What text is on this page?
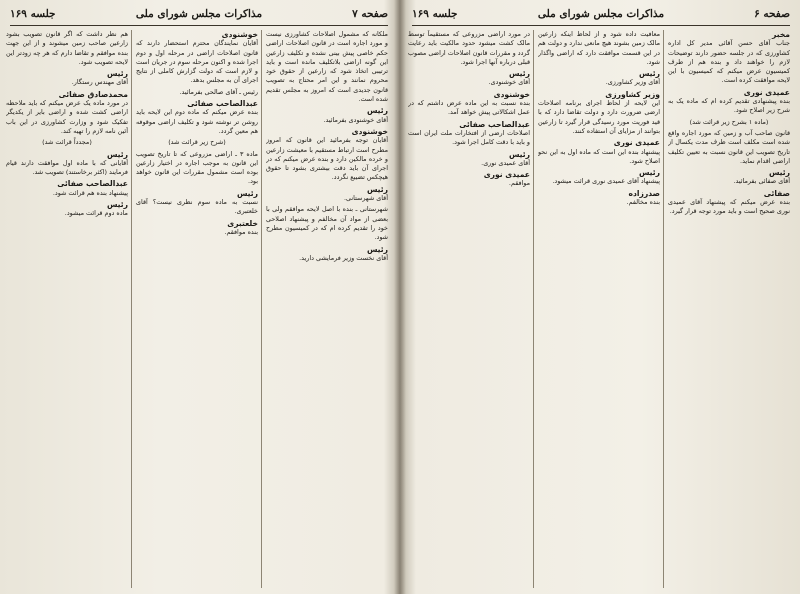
صفحه ۷
مذاکرات مجلس شورای ملی
جلسه ۱۶۹

ملکانه که مشمول اصلاحات کشاورزی نیست و مورد اجاره است در قانون اصلاحات اراضی حکم خاصی پیش بینی نشده و تکلیف زارعین این گونه اراضی بلاتکلیف مانده است و باید ترتیبی اتخاذ شود که زارعین از حقوق خود محروم نمانند و این امر محتاج به تصویب قانون جدیدی است که امروز به مجلس تقدیم شده است.

رئیس

آقای خوشنودی بفرمائید.

خوشنودی

آقایان توجه بفرمائید این قانون که امروز مطرح است ارتباط مستقیم با معیشت زارعین و خرده مالکین دارد و بنده عرض میکنم که در اجرای آن باید دقت بیشتری بشود تا حقوق هیچکس تضییع نگردد.

رئیس

آقای شهرستانی.

شهرستانی ـ بنده با اصل لایحه موافقم ولی با بعضی از مواد آن مخالفم و پیشنهاد اصلاحی خود را تقدیم کرده ام که در کمیسیون مطرح شود.

رئیس

آقای نخست وزیر فرمایشی دارید.

خوشنودی

آقایان نمایندگان محترم استحضار دارند که قانون اصلاحات اراضی در مرحله اول و دوم اجرا شده و اکنون مرحله سوم در جریان است و لازم است که دولت گزارش کاملی از نتایج اجرای آن به مجلس بدهد.

رئیس ـ آقای صالحی بفرمائید.

عبدالصاحب صفائی

بنده عرض میکنم که ماده دوم این لایحه باید روشن تر نوشته شود و تکلیف اراضی موقوفه هم معین گردد.

(شرح زیر قرائت شد)

ماده ۳ ـ اراضی مزروعی که تا تاریخ تصویب این قانون به موجب اجاره در اختیار زارعین بوده است مشمول مقررات این قانون خواهد بود.

رئیس

نسبت به ماده سوم نظری نیست؟ آقای خلعتبری.

خلعتبری

بنده موافقم.

هم نظر داشت که اگر قانون تصویب بشود زارعین صاحب زمین میشوند و از این جهت بنده موافقم و تقاضا دارم که هر چه زودتر این لایحه تصویب شود.

رئیس

آقای مهندس رستگار.

محمدصادق صفائی

در مورد ماده یک عرض میکنم که باید ملاحظه اراضی کشت شده و اراضی بایر از یکدیگر تفکیک شود و وزارت کشاورزی در این باب آئین نامه لازم را تهیه کند.

(مجدداً قرائت شد)
رئیس

آقایانی که با ماده اول موافقت دارند قیام فرمایند (اکثر برخاستند) تصویب شد.

عبدالصاحب صفائی

پیشنهاد بنده هم قرائت شود.

رئیس

ماده دوم قرائت میشود.

صفحه ۶
مذاکرات مجلس شورای ملی
جلسه ۱۶۹
مخبر

جناب آقای حسن آقائی مدیر کل اداره کشاورزی که در جلسه حضور دارند توضیحات لازم را خواهند داد و بنده هم از طرف کمیسیون عرض میکنم که کمیسیون با این لایحه موافقت کرده است.

عمیدی نوری

بنده پیشنهادی تقدیم کرده ام که ماده یک به شرح زیر اصلاح شود.

(ماده ۱ بشرح زیر قرائت شد)

قانون صاحب آب و زمین که مورد اجاره واقع شده است مکلف است ظرف مدت یکسال از تاریخ تصویب این قانون نسبت به تعیین تکلیف اراضی اقدام نماید.

رئیس

آقای صفائی بفرمائید.

صفائی

بنده عرض میکنم که پیشنهاد آقای عمیدی نوری صحیح است و باید مورد توجه قرار گیرد.

معافیت داده شود و از لحاظ اینکه زارعین مالک زمین بشوند هیچ مانعی ندارد و دولت هم در این قسمت موافقت دارد که اراضی واگذار شود.

رئیس

آقای وزیر کشاورزی.

وزیر کشاورزی

این لایحه از لحاظ اجرای برنامه اصلاحات ارضی ضرورت دارد و دولت تقاضا دارد که با قید فوریت مورد رسیدگی قرار گیرد تا زارعین بتوانند از مزایای آن استفاده کنند.

عمیدی نوری

پیشنهاد بنده این است که ماده اول به این نحو اصلاح شود.

رئیس

پیشنهاد آقای عمیدی نوری قرائت میشود.

صدرزاده

بنده مخالفم.

در مورد اراضی مزروعی که مستقیماً توسط مالک کشت میشود حدود مالکیت باید رعایت گردد و مقررات قانون اصلاحات اراضی مصوب قبلی درباره آنها اجرا شود.

رئیس

آقای خوشنودی.

خوشنودی

بنده نسبت به این ماده عرض داشتم که در عمل اشکالاتی پیش خواهد آمد.

عبدالصاحب صفائی

اصلاحات ارضی از افتخارات ملت ایران است و باید با دقت کامل اجرا شود.

رئیس

آقای عمیدی نوری.

عمیدی نوری

موافقم.
